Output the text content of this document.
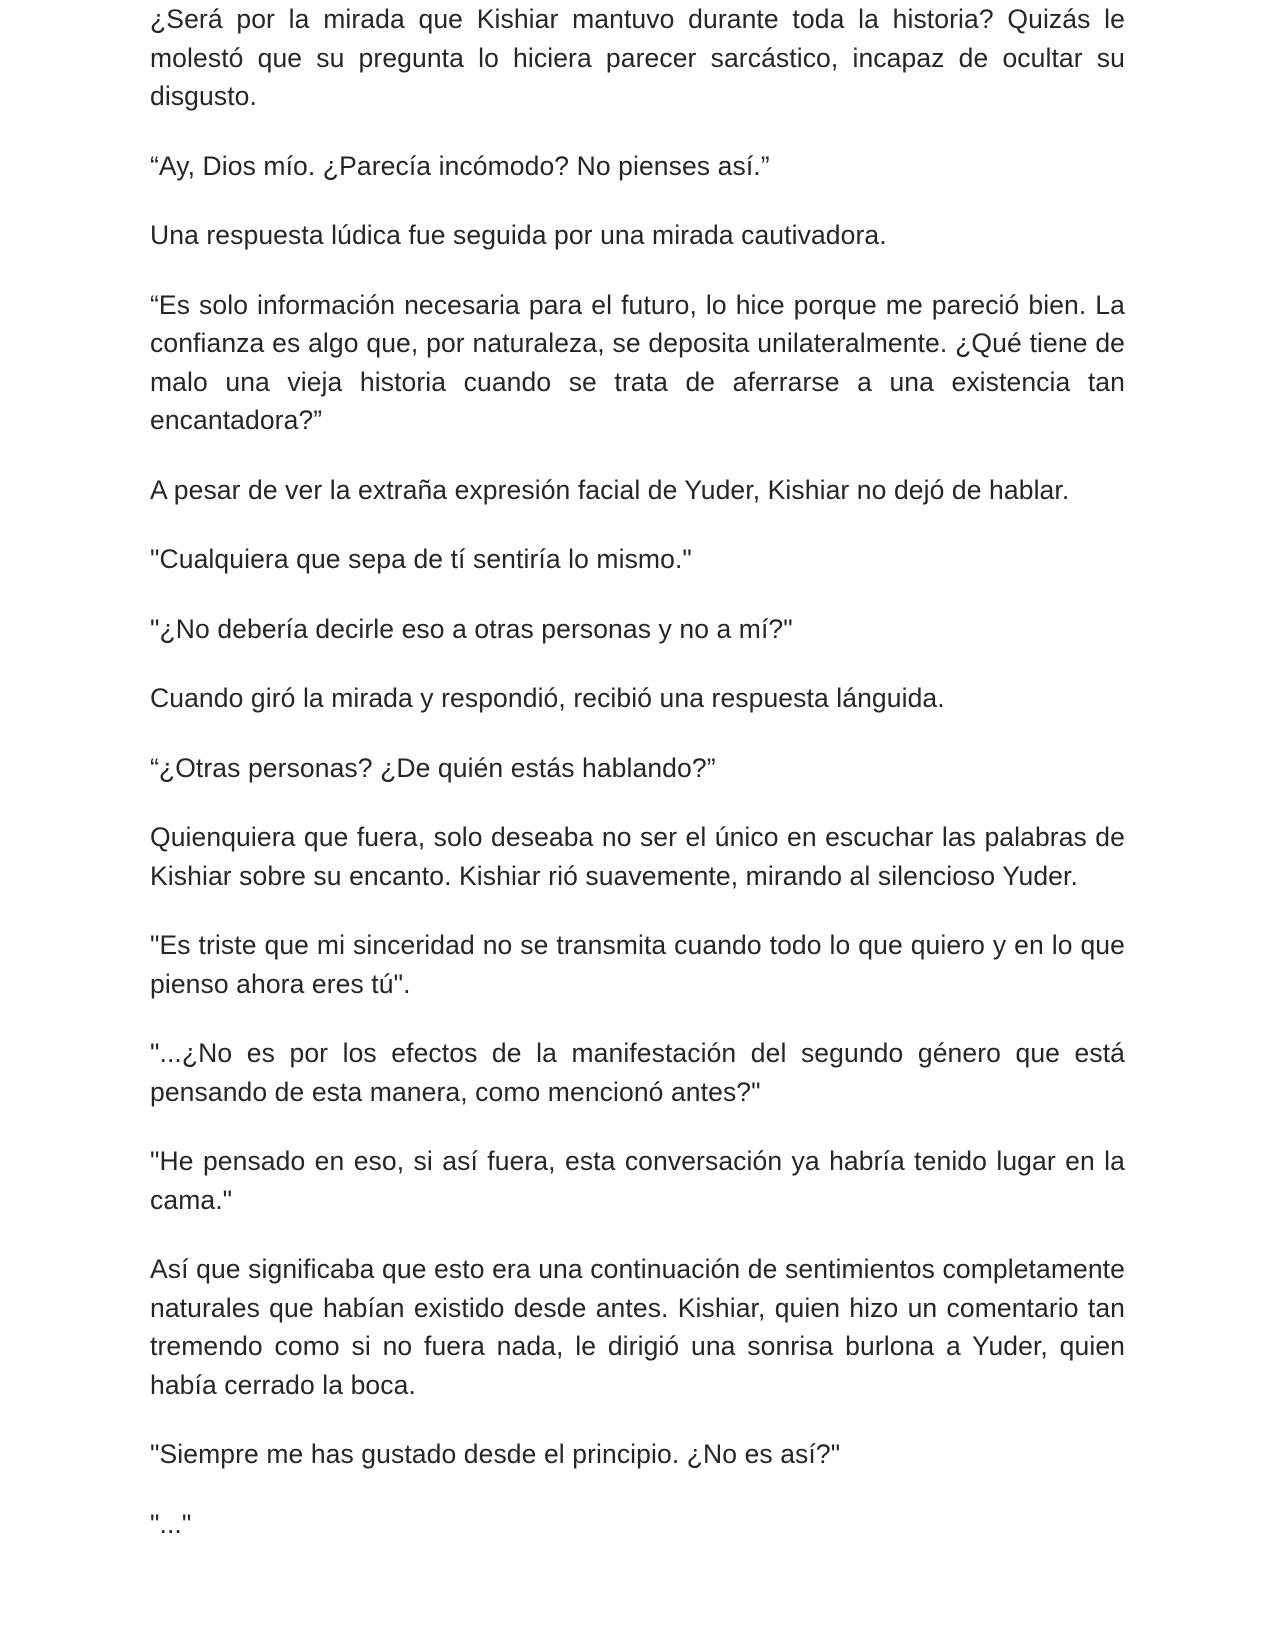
¿Será por la mirada que Kishiar mantuvo durante toda la historia? Quizás le molestó que su pregunta lo hiciera parecer sarcástico, incapaz de ocultar su disgusto.

“Ay, Dios mío. ¿Parecía incómodo? No pienses así.”

Una respuesta lúdica fue seguida por una mirada cautivadora.

“Es solo información necesaria para el futuro, lo hice porque me pareció bien. La confianza es algo que, por naturaleza, se deposita unilateralmente. ¿Qué tiene de malo una vieja historia cuando se trata de aferrarse a una existencia tan encantadora?”

A pesar de ver la extraña expresión facial de Yuder, Kishiar no dejó de hablar.

"Cualquiera que sepa de tí sentiría lo mismo."

"¿No debería decirle eso a otras personas y no a mí?"

Cuando giró la mirada y respondió, recibió una respuesta lánguida.

“¿Otras personas? ¿De quién estás hablando?”

Quienquiera que fuera, solo deseaba no ser el único en escuchar las palabras de Kishiar sobre su encanto. Kishiar rió suavemente, mirando al silencioso Yuder.

"Es triste que mi sinceridad no se transmita cuando todo lo que quiero y en lo que pienso ahora eres tú".

"...¿No es por los efectos de la manifestación del segundo género que está pensando de esta manera, como mencionó antes?"

"He pensado en eso, si así fuera, esta conversación ya habría tenido lugar en la cama."

Así que significaba que esto era una continuación de sentimientos completamente naturales que habían existido desde antes. Kishiar, quien hizo un comentario tan tremendo como si no fuera nada, le dirigió una sonrisa burlona a Yuder, quien había cerrado la boca.

"Siempre me has gustado desde el principio. ¿No es así?"

"..."
